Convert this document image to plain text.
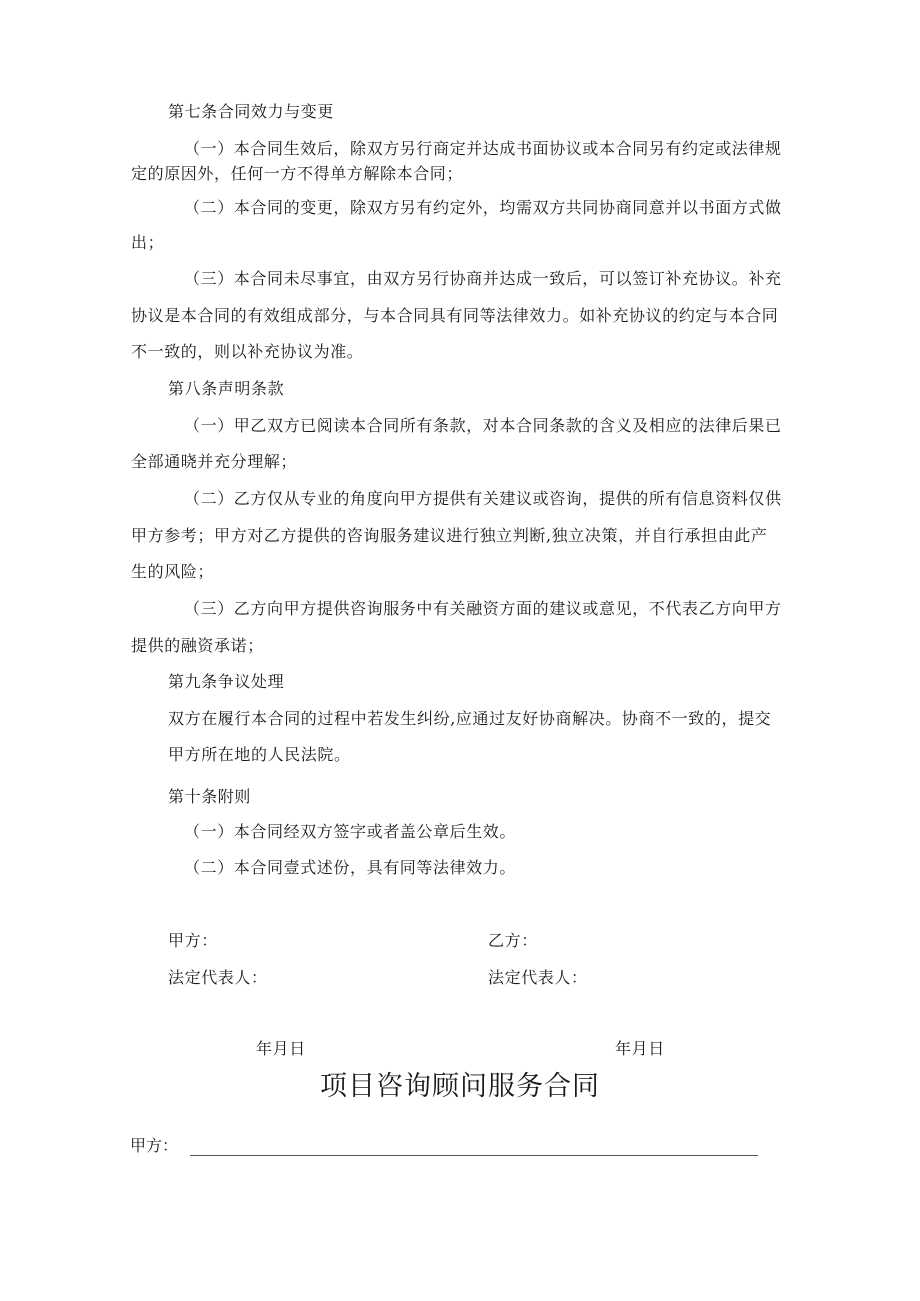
第七条合同效力与变更
（一）本合同生效后，除双方另行商定并达成书面协议或本合同另有约定或法律规
定的原因外，任何一方不得单方解除本合同；
（二）本合同的变更，除双方另有约定外，均需双方共同协商同意并以书面方式做
出；
（三）本合同未尽事宜，由双方另行协商并达成一致后，可以签订补充协议。补充
协议是本合同的有效组成部分，与本合同具有同等法律效力。如补充协议的约定与本合同
不一致的，则以补充协议为准。
第八条声明条款
（一）甲乙双方已阅读本合同所有条款，对本合同条款的含义及相应的法律后果已
全部通晓并充分理解；
（二）乙方仅从专业的角度向甲方提供有关建议或咨询，提供的所有信息资料仅供
甲方参考；甲方对乙方提供的咨询服务建议进行独立判断,独立决策，并自行承担由此产
生的风险；
（三）乙方向甲方提供咨询服务中有关融资方面的建议或意见，不代表乙方向甲方
提供的融资承诺；
第九条争议处理
双方在履行本合同的过程中若发生纠纷,应通过友好协商解决。协商不一致的，提交
甲方所在地的人民法院。
第十条附则
（一）本合同经双方签字或者盖公章后生效。
（二）本合同壹式述份，具有同等法律效力。
甲方：	乙方：
法定代表人：	法定代表人：
年月日	年月日
项目咨询顾问服务合同
甲方：
